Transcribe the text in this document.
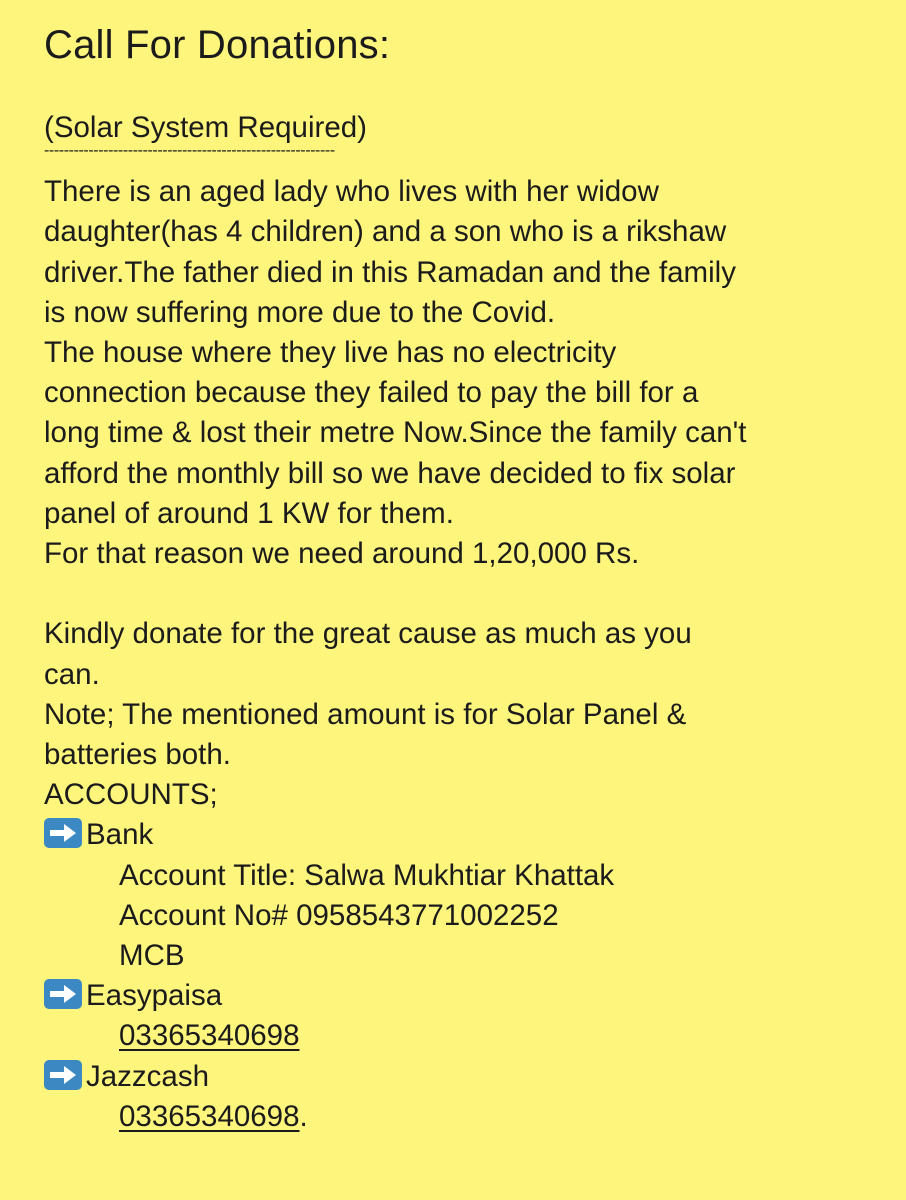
Call For Donations:

(Solar System Required)

-----------------------------------------------------------

There is an aged lady who lives with her widow

daughter(has 4 children) and a son who is a rikshaw

driver.The father died in this Ramadan and the family

is now suffering more due to the Covid.

The house where they live has no electricity

connection because they failed to pay the bill for a

long time & lost their metre Now.Since the family can't

afford the monthly bill so we have decided to fix solar

panel of around 1 KW for them.

For that reason we need around 1,20,000 Rs.

Kindly donate for the great cause as much as you

can.

Note; The mentioned amount is for Solar Panel &

batteries both.

ACCOUNTS;

Bank

Account Title: Salwa Mukhtiar Khattak

Account No# 0958543771002252

MCB

Easypaisa

03365340698

Jazzcash

03365340698.
